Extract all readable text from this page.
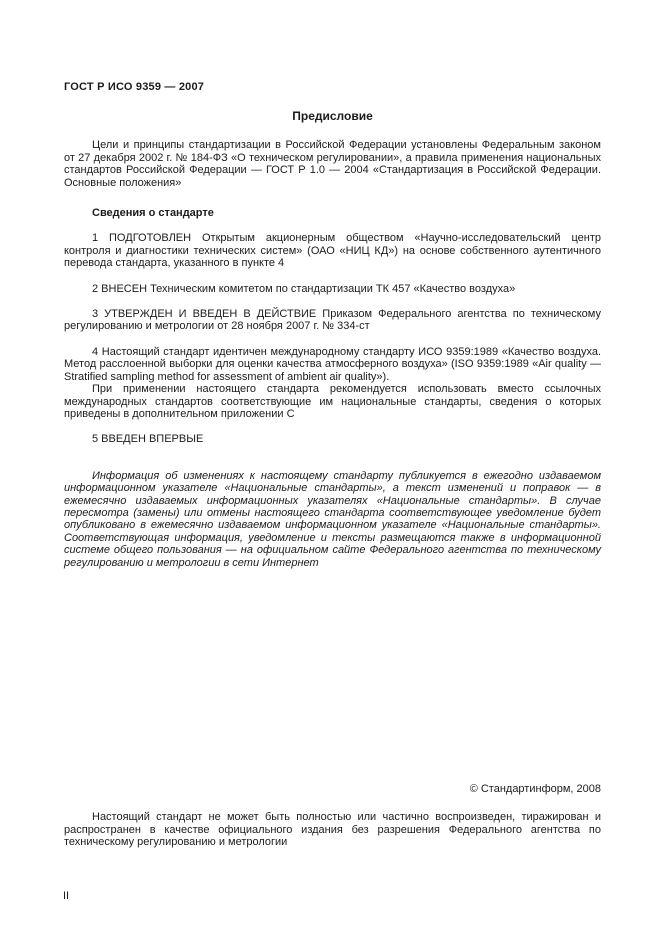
ГОСТ Р ИСО 9359 — 2007
Предисловие

Цели и принципы стандартизации в Российской Федерации установлены Федеральным законом от 27 декабря 2002 г. № 184-ФЗ «О техническом регулировании», а правила применения национальных стандартов Российской Федерации — ГОСТ Р 1.0 — 2004 «Стандартизация в Российской Федерации. Основные положения»

Сведения о стандарте

1 ПОДГОТОВЛЕН Открытым акционерным обществом «Научно-исследовательский центр контроля и диагностики технических систем» (ОАО «НИЦ КД») на основе собственного аутентичного перевода стандарта, указанного в пункте 4

2 ВНЕСЕН Техническим комитетом по стандартизации ТК 457 «Качество воздуха»

3 УТВЕРЖДЕН И ВВЕДЕН В ДЕЙСТВИЕ Приказом Федерального агентства по техническому регулированию и метрологии от 28 ноября 2007 г. № 334-ст

4 Настоящий стандарт идентичен международному стандарту ИСО 9359:1989 «Качество воздуха. Метод расслоенной выборки для оценки качества атмосферного воздуха» (ISO 9359:1989 «Air quality — Stratified sampling method for assessment of ambient air quality»).

При применении настоящего стандарта рекомендуется использовать вместо ссылочных международных стандартов соответствующие им национальные стандарты, сведения о которых приведены в дополнительном приложении С

5 ВВЕДЕН ВПЕРВЫЕ

Информация об изменениях к настоящему стандарту публикуется в ежегодно издаваемом информационном указателе «Национальные стандарты», а текст изменений и поправок — в ежемесячно издаваемых информационных указателях «Национальные стандарты». В случае пересмотра (замены) или отмены настоящего стандарта соответствующее уведомление будет опубликовано в ежемесячно издаваемом информационном указателе «Национальные стандарты». Соответствующая информация, уведомление и тексты размещаются также в информационной системе общего пользования — на официальном сайте Федерального агентства по техническому регулированию и метрологии в сети Интернет

© Стандартинформ, 2008

Настоящий стандарт не может быть полностью или частично воспроизведен, тиражирован и распространен в качестве официального издания без разрешения Федерального агентства по техническому регулированию и метрологии

II
